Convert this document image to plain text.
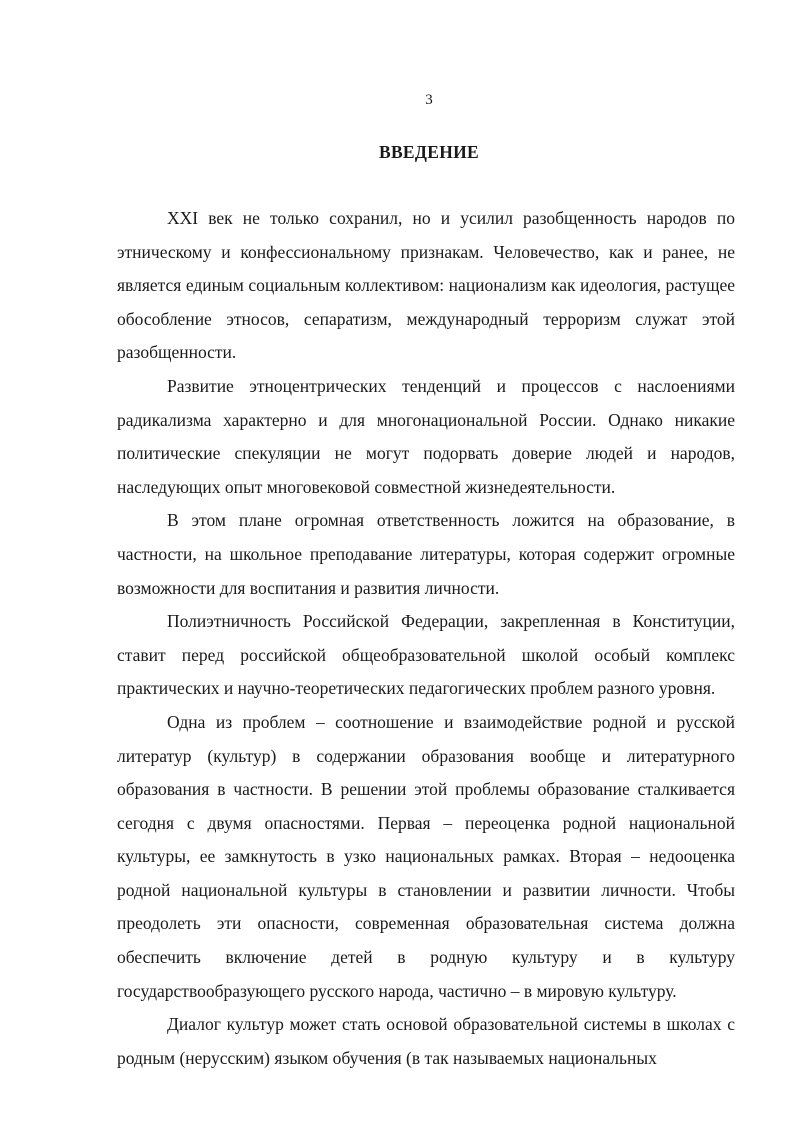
3
ВВЕДЕНИЕ

XXI век не только сохранил, но и усилил разобщенность народов по этническому и конфессиональному признакам. Человечество, как и ранее, не является единым социальным коллективом: национализм как идеология, растущее обособление этносов, сепаратизм, международный терроризм служат этой разобщенности.

Развитие этноцентрических тенденций и процессов с наслоениями радикализма характерно и для многонациональной России. Однако никакие политические спекуляции не могут подорвать доверие людей и народов, наследующих опыт многовековой совместной жизнедеятельности.

В этом плане огромная ответственность ложится на образование, в частности, на школьное преподавание литературы, которая содержит огромные возможности для воспитания и развития личности.

Полиэтничность Российской Федерации, закрепленная в Конституции, ставит перед российской общеобразовательной школой особый комплекс практических и научно-теоретических педагогических проблем разного уровня.

Одна из проблем – соотношение и взаимодействие родной и русской литератур (культур) в содержании образования вообще и литературного образования в частности. В решении этой проблемы образование сталкивается сегодня с двумя опасностями. Первая – переоценка родной национальной культуры, ее замкнутость в узко национальных рамках. Вторая – недооценка родной национальной культуры в становлении и развитии личности. Чтобы преодолеть эти опасности, современная образовательная система должна обеспечить включение детей в родную культуру и в культуру государствообразующего русского народа, частично – в мировую культуру.

Диалог культур может стать основой образовательной системы в школах с родным (нерусским) языком обучения (в так называемых национальных
